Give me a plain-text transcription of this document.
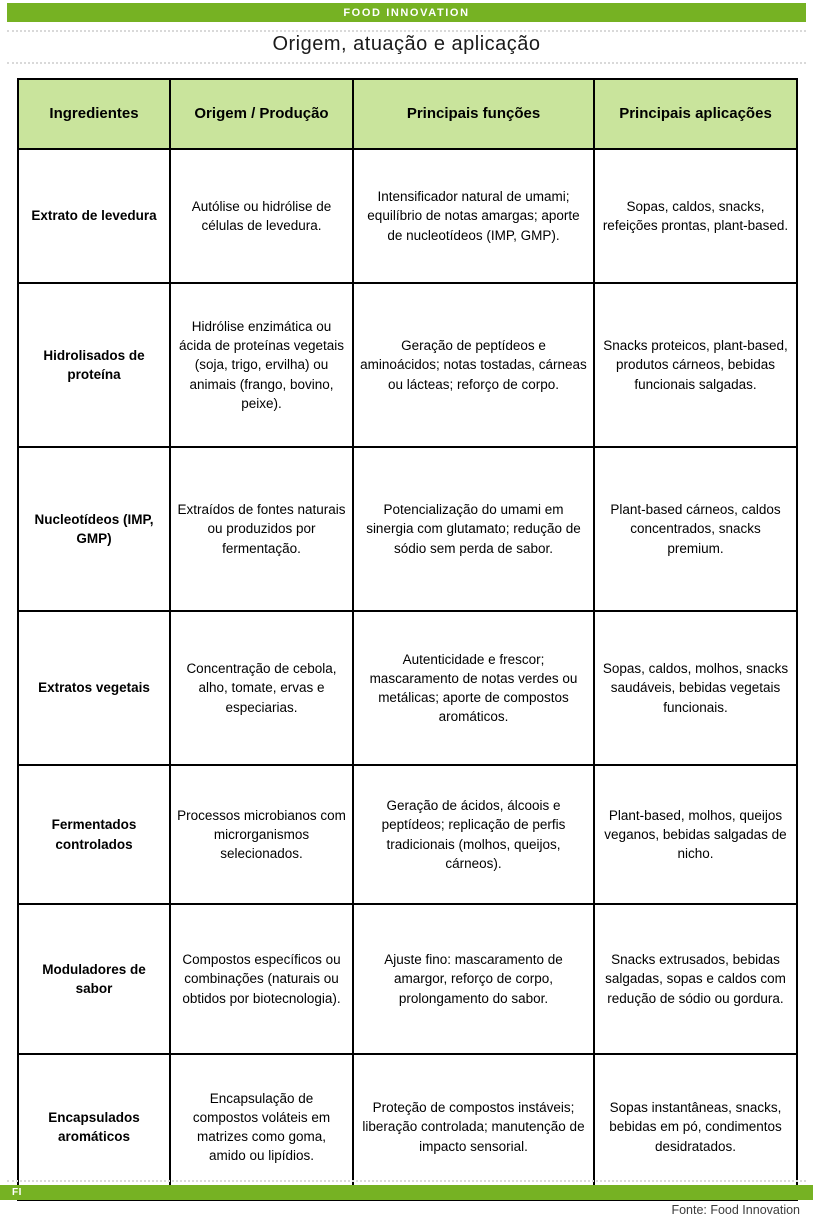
FOOD INNOVATION
Origem, atuação e aplicação
Ingredientes	Origem / Produção	Principais funções	Principais aplicações
Extrato de levedura	Autólise ou hidrólise de células de levedura.	Intensificador natural de umami; equilíbrio de notas amargas; aporte de nucleotídeos (IMP, GMP).	Sopas, caldos, snacks, refeições prontas, plant-based.
Hidrolisados de proteína	Hidrólise enzimática ou ácida de proteínas vegetais (soja, trigo, ervilha) ou animais (frango, bovino, peixe).	Geração de peptídeos e aminoácidos; notas tostadas, cárneas ou lácteas; reforço de corpo.	Snacks proteicos, plant-based, produtos cárneos, bebidas funcionais salgadas.
Nucleotídeos (IMP, GMP)	Extraídos de fontes naturais ou produzidos por fermentação.	Potencialização do umami em sinergia com glutamato; redução de sódio sem perda de sabor.	Plant-based cárneos, caldos concentrados, snacks premium.
Extratos vegetais	Concentração de cebola, alho, tomate, ervas e especiarias.	Autenticidade e frescor; mascaramento de notas verdes ou metálicas; aporte de compostos aromáticos.	Sopas, caldos, molhos, snacks saudáveis, bebidas vegetais funcionais.
Fermentados controlados	Processos microbianos com microrganismos selecionados.	Geração de ácidos, álcoois e peptídeos; replicação de perfis tradicionais (molhos, queijos, cárneos).	Plant-based, molhos, queijos veganos, bebidas salgadas de nicho.
Moduladores de sabor	Compostos específicos ou combinações (naturais ou obtidos por biotecnologia).	Ajuste fino: mascaramento de amargor, reforço de corpo, prolongamento do sabor.	Snacks extrusados, bebidas salgadas, sopas e caldos com redução de sódio ou gordura.
Encapsulados aromáticos	Encapsulação de compostos voláteis em matrizes como goma, amido ou lipídios.	Proteção de compostos instáveis; liberação controlada; manutenção de impacto sensorial.	Sopas instantâneas, snacks, bebidas em pó, condimentos desidratados.
FI
Fonte: Food Innovation
